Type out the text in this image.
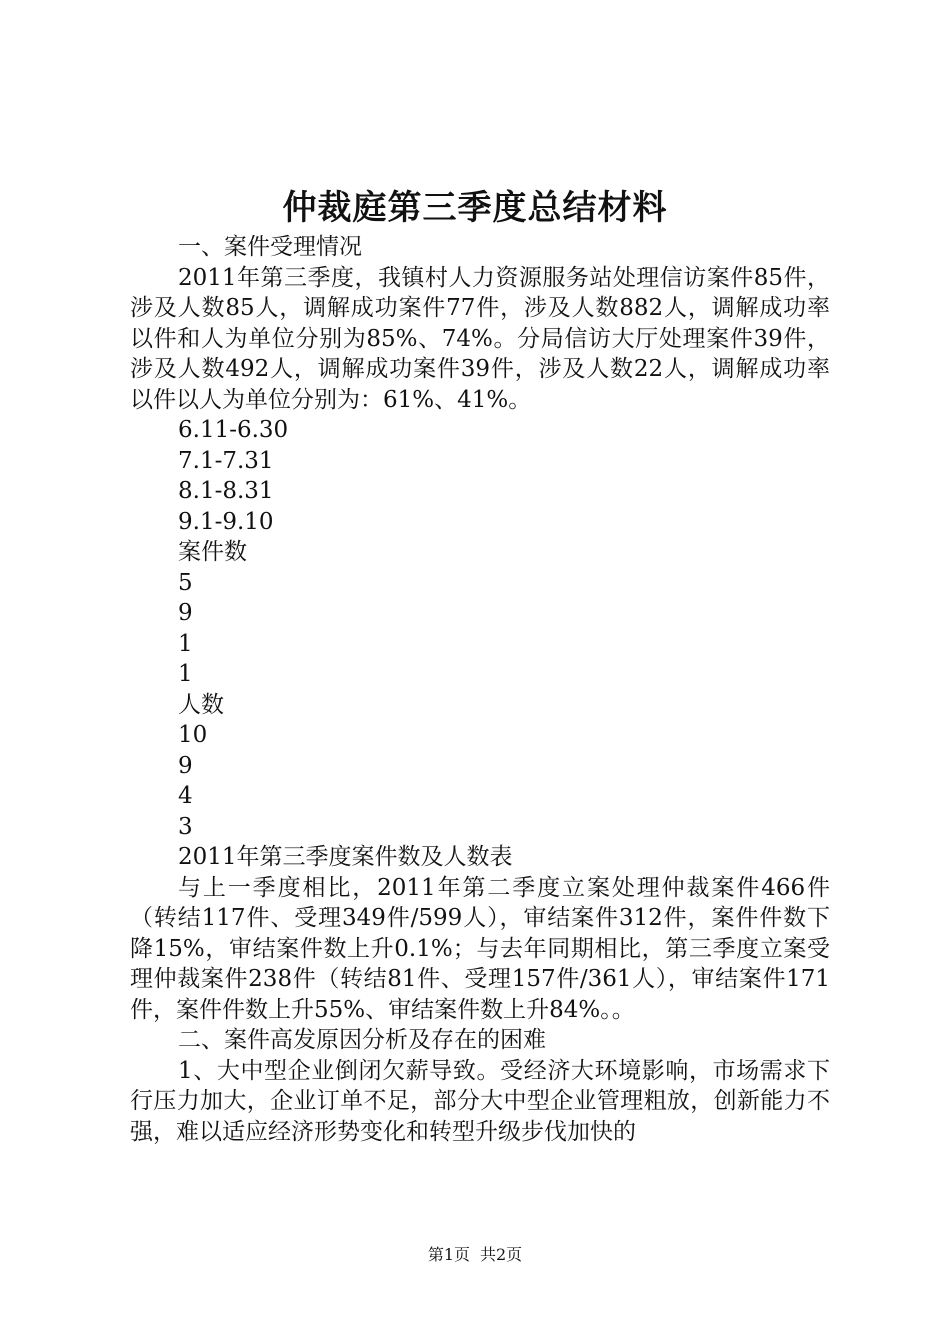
仲裁庭第三季度总结材料

一、案件受理情况

2011年第三季度，我镇村人力资源服务站处理信访案件85件，涉及人数85人，调解成功案件77件，涉及人数882人，调解成功率以件和人为单位分别为85%、74%。分局信访大厅处理案件39件，涉及人数492人，调解成功案件39件，涉及人数22人，调解成功率以件以人为单位分别为：61%、41%。

6.11-6.30

7.1-7.31

8.1-8.31

9.1-9.10

案件数

5

9

1

1

人数

10

9

4

3

2011年第三季度案件数及人数表

与上一季度相比，2011年第二季度立案处理仲裁案件466件（转结117件、受理349件/599人），审结案件312件，案件件数下降15%，审结案件数上升0.1%；与去年同期相比，第三季度立案受理仲裁案件238件（转结81件、受理157件/361人），审结案件171件，案件件数上升55%、审结案件数上升84%。。

二、案件高发原因分析及存在的困难

1、大中型企业倒闭欠薪导致。受经济大环境影响，市场需求下行压力加大，企业订单不足，部分大中型企业管理粗放，创新能力不强，难以适应经济形势变化和转型升级步伐加快的

第1页 共2页
